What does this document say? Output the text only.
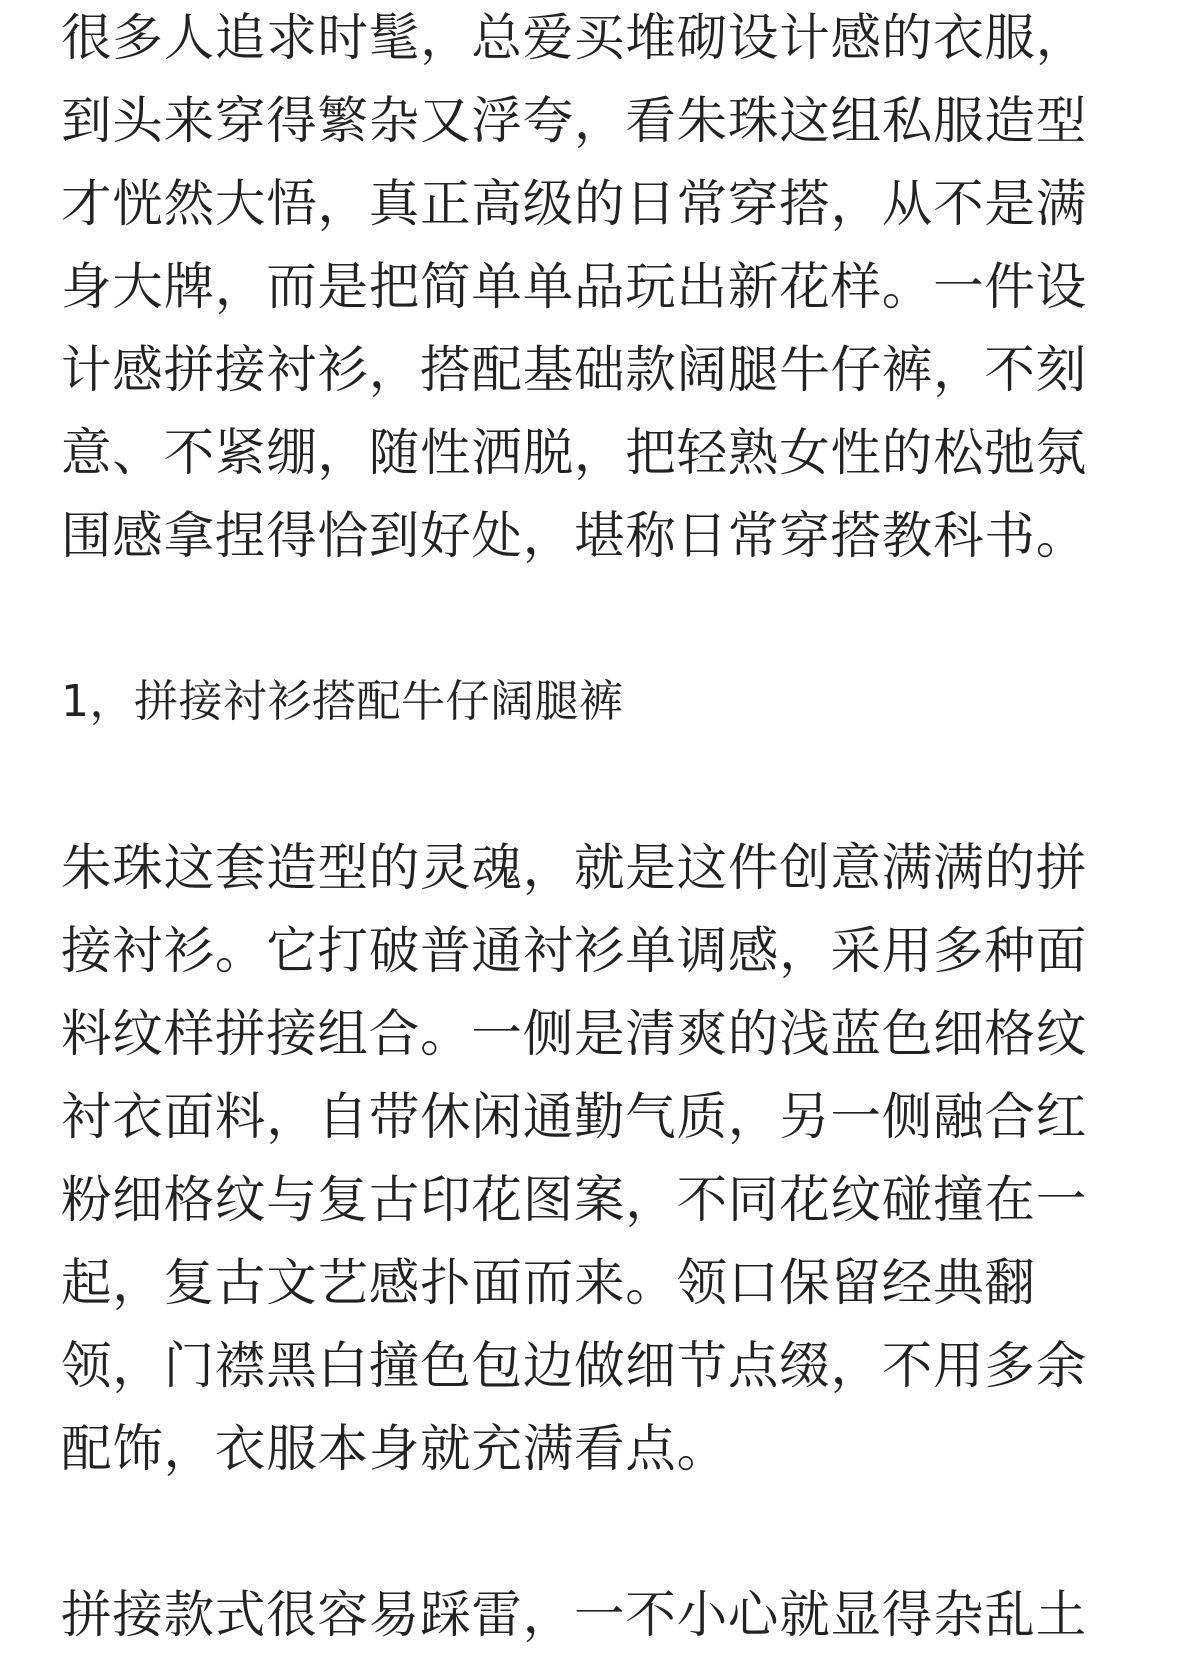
很多人追求时髦，总爱买堆砌设计感的衣服，
到头来穿得繁杂又浮夸，看朱珠这组私服造型
才恍然大悟，真正高级的日常穿搭，从不是满
身大牌，而是把简单单品玩出新花样。一件设
计感拼接衬衫，搭配基础款阔腿牛仔裤，不刻
意、不紧绷，随性洒脱，把轻熟女性的松弛氛
围感拿捏得恰到好处，堪称日常穿搭教科书。

1，拼接衬衫搭配牛仔阔腿裤

朱珠这套造型的灵魂，就是这件创意满满的拼
接衬衫。它打破普通衬衫单调感，采用多种面
料纹样拼接组合。一侧是清爽的浅蓝色细格纹
衬衣面料，自带休闲通勤气质，另一侧融合红
粉细格纹与复古印花图案，不同花纹碰撞在一
起，复古文艺感扑面而来。领口保留经典翻
领，门襟黑白撞色包边做细节点缀，不用多余
配饰，衣服本身就充满看点。

拼接款式很容易踩雷，一不小心就显得杂乱土
